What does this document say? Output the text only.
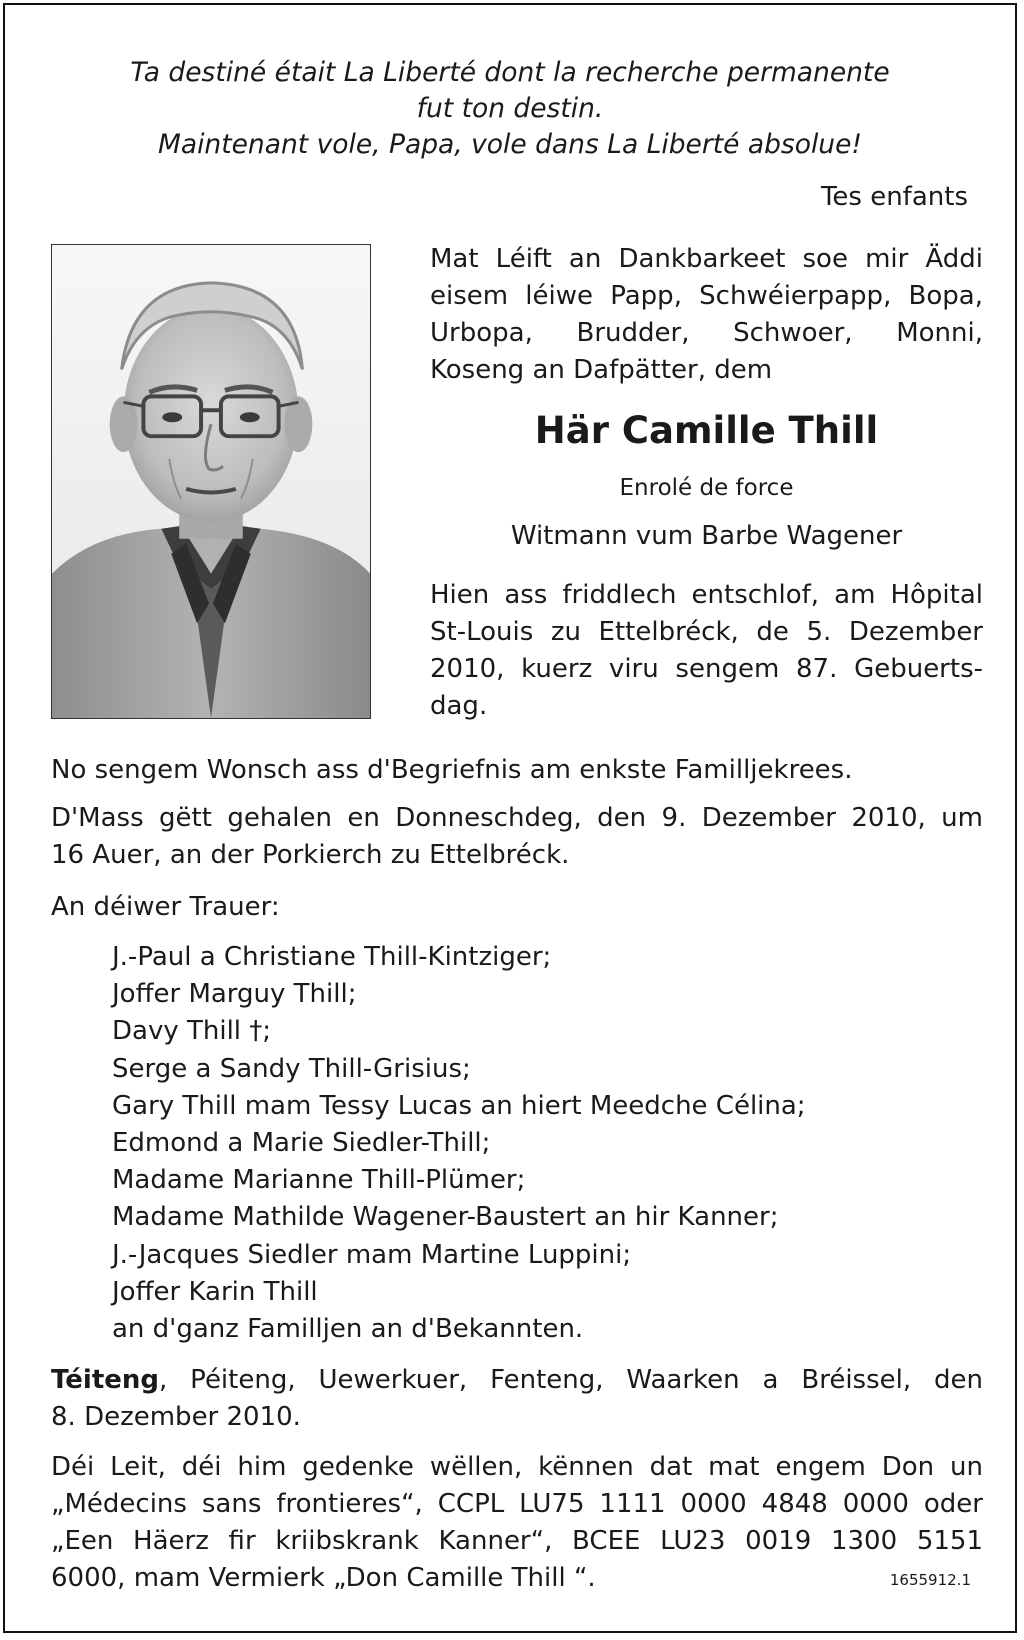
Ta destiné était La Liberté dont la recherche permanente
fut ton destin.
Maintenant vole, Papa, vole dans La Liberté absolue!
Tes enfants
Mat Léift an Dankbarkeet soe mir Äddi
eisem léiwe Papp, Schwéierpapp, Bopa,
Urbopa, Brudder, Schwoer, Monni,
Koseng an Dafpätter, dem
Här Camille Thill
Enrolé de force
Witmann vum Barbe Wagener
Hien ass friddlech entschlof, am Hôpital
St-Louis zu Ettelbréck, de 5. Dezember
2010, kuerz viru sengem 87. Gebuerts-
dag.
No sengem Wonsch ass d'Begriefnis am enkste Familljekrees.
D'Mass gëtt gehalen en Donneschdeg, den 9. Dezember 2010, um
16 Auer, an der Porkierch zu Ettelbréck.
An déiwer Trauer:
J.-Paul a Christiane Thill-Kintziger;
Joffer Marguy Thill;
Davy Thill †;
Serge a Sandy Thill-Grisius;
Gary Thill mam Tessy Lucas an hiert Meedche Célina;
Edmond a Marie Siedler-Thill;
Madame Marianne Thill-Plümer;
Madame Mathilde Wagener-Baustert an hir Kanner;
J.-Jacques Siedler mam Martine Luppini;
Joffer Karin Thill
an d'ganz Familljen an d'Bekannten.
Téiteng, Péiteng, Uewerkuer, Fenteng, Waarken a Bréissel, den
8. Dezember 2010.
Déi Leit, déi him gedenke wëllen, kënnen dat mat engem Don un
„Médecins sans frontieres“, CCPL LU75 1111 0000 4848 0000 oder
„Een Häerz fir kriibskrank Kanner“, BCEE LU23 0019 1300 5151
6000, mam Vermierk „Don Camille Thill “.	1655912.1
